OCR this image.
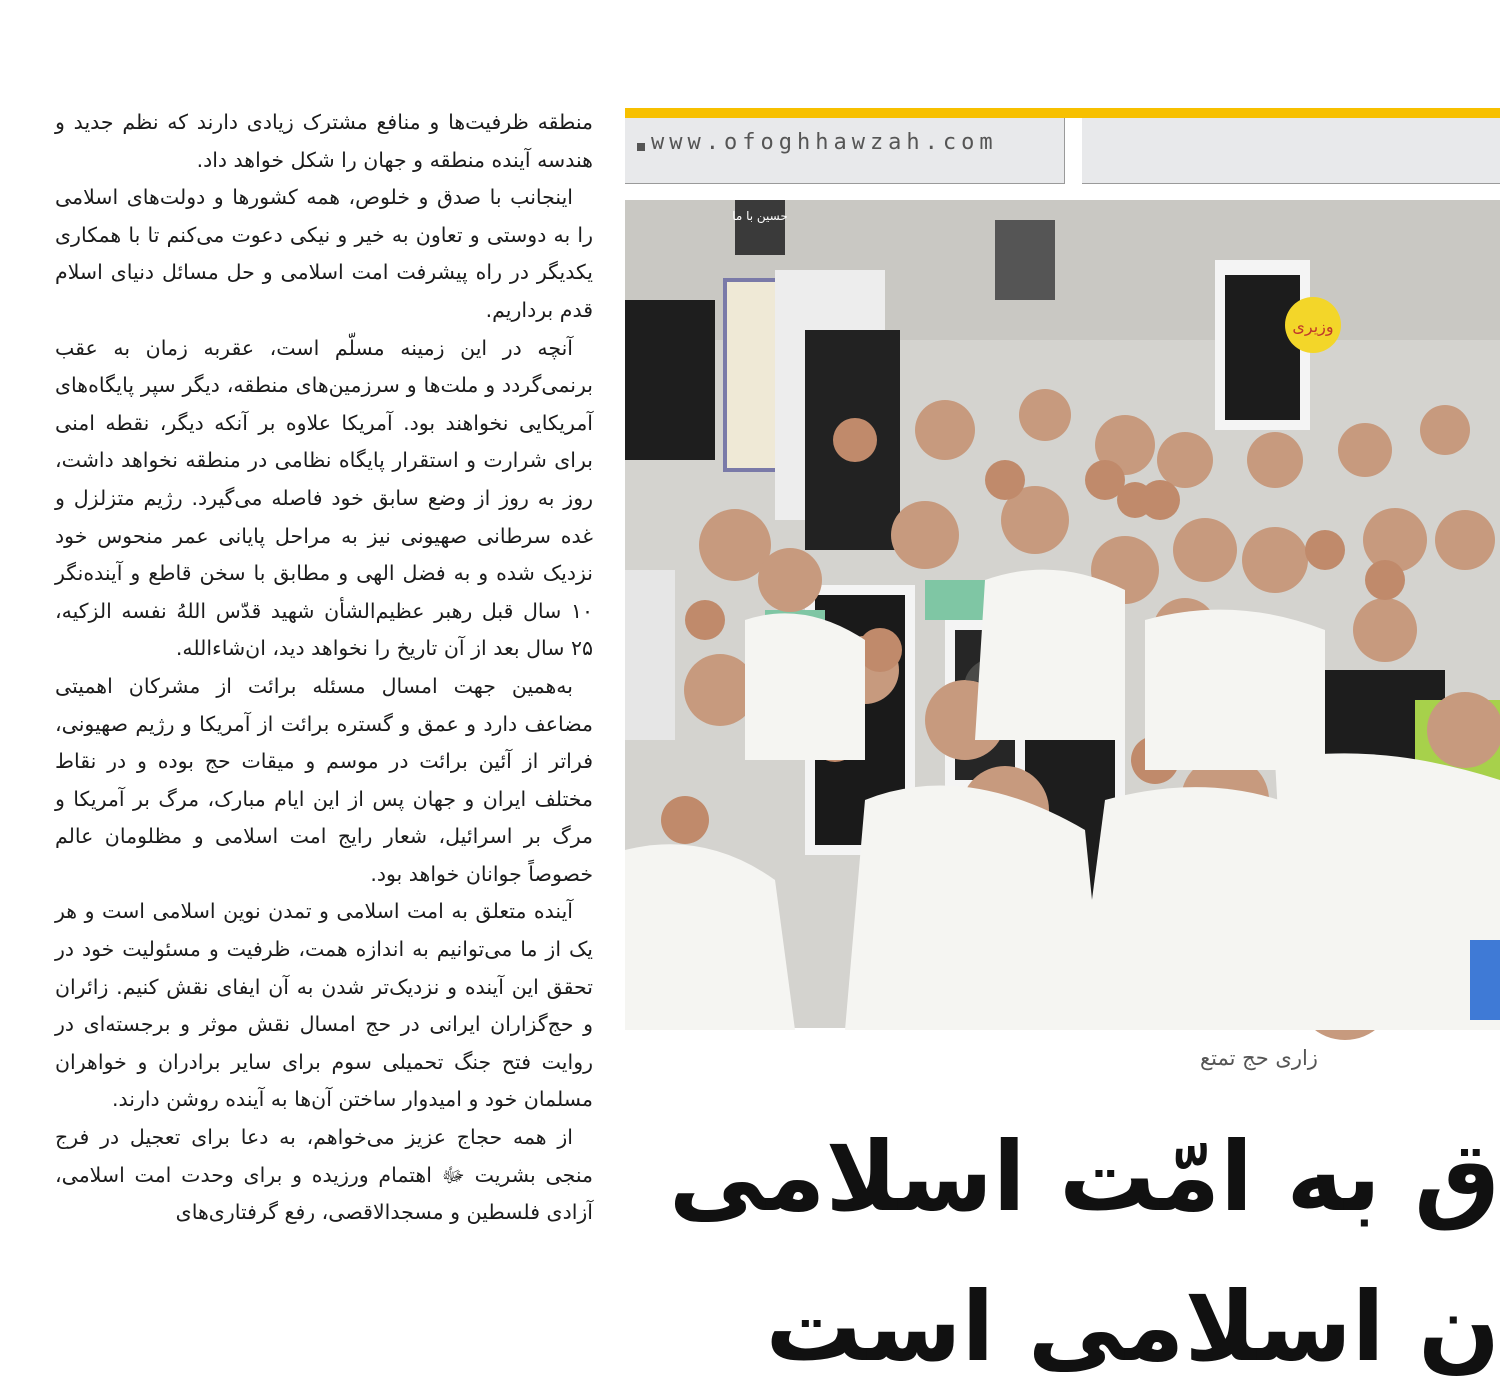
منطقه ظرفیت‌ها و منافع مشترک زیادی دارند که نظم جدید و هندسه آینده منطقه و جهان را شکل خواهد داد.

اینجانب با صدق و خلوص، همه کشورها و دولت‌های اسلامی را به دوستی و تعاون به خیر و نیکی دعوت می‌کنم تا با همکاری یکدیگر در راه پیشرفت امت اسلامی و حل مسائل دنیای اسلام قدم برداریم.

آنچه در این زمینه مسلّم است، عقربه زمان به عقب برنمی‌گردد و ملت‌ها و سرزمین‌های منطقه، دیگر سپر پایگاه‌های آمریکایی نخواهند بود. آمریکا علاوه بر آنکه دیگر، نقطه امنی برای شرارت و استقرار پایگاه نظامی در منطقه نخواهد داشت، روز به روز از وضع سابق خود فاصله می‌گیرد. رژیم متزلزل و غده سرطانی صهیونی نیز به مراحل پایانی عمر منحوس خود نزدیک شده و به فضل الهی و مطابق با سخن قاطع و آینده‌نگر ۱۰ سال قبل رهبر عظیم‌الشأن شهید قدّس اللهُ نفسه الزکیه، ۲۵ سال بعد از آن تاریخ را نخواهد دید، ان‌شاءالله.

به‌همین جهت امسال مسئله برائت از مشرکان اهمیتی مضاعف دارد و عمق و گستره برائت از آمریکا و رژیم صهیونی، فراتر از آئین برائت در موسم و میقات حج بوده و در نقاط مختلف ایران و جهان پس از این ایام مبارک، مرگ بر آمریکا و مرگ بر اسرائیل، شعار رایج امت اسلامی و مظلومان عالم خصوصاً جوانان خواهد بود.

آینده متعلق به امت اسلامی و تمدن نوین اسلامی است و هر یک از ما می‌توانیم به اندازه همت، ظرفیت و مسئولیت خود در تحقق این آینده و نزدیک‌تر شدن به آن ایفای نقش کنیم. زائران و حج‌گزاران ایرانی در حج امسال نقش موثر و برجسته‌ای در روایت فتح جنگ تحمیلی سوم برای سایر برادران و خواهران مسلمان خود و امیدوار ساختن آن‌ها به آینده روشن دارند.

از همه حجاج عزیز می‌خواهم، به دعا برای تعجیل در فرج منجی بشریت ﷻ اهتمام ورزیده و برای وحدت امت اسلامی، آزادی فلسطین و مسجدالاقصی، رفع گرفتاری‌های

www.ofoghhawzah.com
وزیری
حسین با ما
زاری حج تمتع
ق به امّت اسلامی
ن اسلامی است
